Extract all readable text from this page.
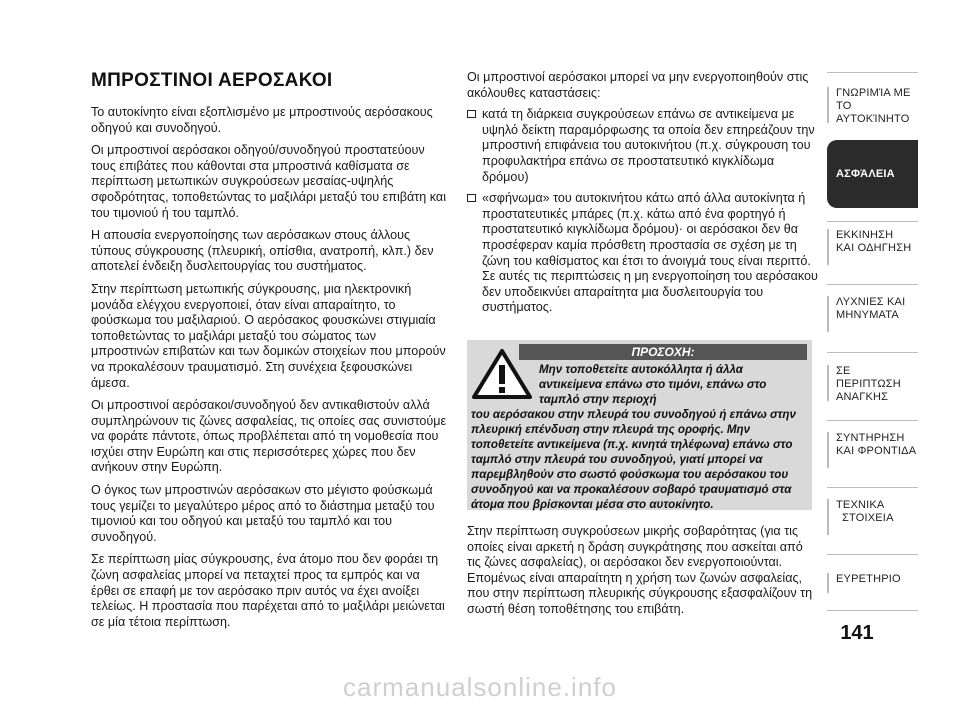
ΜΠΡΟΣΤΙΝΟΙ ΑΕΡΟΣΑΚΟΙ

Το αυτοκίνητο είναι εξοπλισμένο με μπροστινούς αερόσακους οδηγού και συνοδηγού.

Οι μπροστινοί αερόσακοι οδηγού/συνοδηγού προστατεύουν τους επιβάτες που κάθονται στα μπροστινά καθίσματα σε περίπτωση μετωπικών συγκρούσεων μεσαίας-υψηλής σφοδρότητας, τοποθετώντας το μαξιλάρι μεταξύ του επιβάτη και του τιμονιού ή του ταμπλό.

Η απουσία ενεργοποίησης των αερόσακων στους άλλους τύπους σύγκρουσης (πλευρική, οπίσθια, ανατροπή, κλπ.) δεν αποτελεί ένδειξη δυσλειτουργίας του συστήματος.

Στην περίπτωση μετωπικής σύγκρουσης, μια ηλεκτρονική μονάδα ελέγχου ενεργοποιεί, όταν είναι απαραίτητο, το φούσκωμα του μαξιλαριού. Ο αερόσακος φουσκώνει στιγμιαία τοποθετώντας το μαξιλάρι μεταξύ του σώματος των μπροστινών επιβατών και των δομικών στοιχείων που μπορούν να προκαλέσουν τραυματισμό. Στη συνέχεια ξεφουσκώνει άμεσα.

Οι μπροστινοί αερόσακοι/συνοδηγού δεν αντικαθιστούν αλλά συμπληρώνουν τις ζώνες ασφαλείας, τις οποίες σας συνιστούμε να φοράτε πάντοτε, όπως προβλέπεται από τη νομοθεσία που ισχύει στην Ευρώπη και στις περισσότερες χώρες που δεν ανήκουν στην Ευρώπη.

Ο όγκος των μπροστινών αερόσακων στο μέγιστο φούσκωμά τους γεμίζει το μεγαλύτερο μέρος από το διάστημα μεταξύ του τιμονιού και του οδηγού και μεταξύ του ταμπλό και του συνοδηγού.

Σε περίπτωση μίας σύγκρουσης, ένα άτομο που δεν φοράει τη ζώνη ασφαλείας μπορεί να πεταχτεί προς τα εμπρός και να έρθει σε επαφή με τον αερόσακο πριν αυτός να έχει ανοίξει τελείως. Η προστασία που παρέχεται από το μαξιλάρι μειώνεται σε μία τέτοια περίπτωση.

Οι μπροστινοί αερόσακοι μπορεί να μην ενεργοποιηθούν στις ακόλουθες καταστάσεις:

κατά τη διάρκεια συγκρούσεων επάνω σε αντικείμενα με υψηλό δείκτη παραμόρφωσης τα οποία δεν επηρεάζουν την μπροστινή επιφάνεια του αυτοκινήτου (π.χ. σύγκρουση του προφυλακτήρα επάνω σε προστατευτικό κιγκλίδωμα δρόμου)
«σφήνωμα» του αυτοκινήτου κάτω από άλλα αυτοκίνητα ή προστατευτικές μπάρες (π.χ. κάτω από ένα φορτηγό ή προστατευτικό κιγκλίδωμα δρόμου)· οι αερόσακοι δεν θα προσέφεραν καμία πρόσθετη προστασία σε σχέση με τη ζώνη του καθίσματος και έτσι το άνοιγμά τους είναι περιττό. Σε αυτές τις περιπτώσεις η μη ενεργοποίηση του αερόσακου δεν υποδεικνύει απαραίτητα μια δυσλειτουργία του συστήματος.
ΠΡΟΣΟΧΗ:
Μην τοποθετείτε αυτοκόλλητα ή άλλα αντικείμενα επάνω στο τιμόνι, επάνω στο ταμπλό στην περιοχή
του αερόσακου στην πλευρά του συνοδηγού ή επάνω στην πλευρική επένδυση στην πλευρά της οροφής. Μην τοποθετείτε αντικείμενα (π.χ. κινητά τηλέφωνα) επάνω στο ταμπλό στην πλευρά του συνοδηγού, γιατί μπορεί να παρεμβληθούν στο σωστό φούσκωμα του αερόσακου του συνοδηγού και να προκαλέσουν σοβαρό τραυματισμό στα άτομα που βρίσκονται μέσα στο αυτοκίνητο.

Στην περίπτωση συγκρούσεων μικρής σοβαρότητας (για τις οποίες είναι αρκετή η δράση συγκράτησης που ασκείται από τις ζώνες ασφαλείας), οι αερόσακοι δεν ενεργοποιούνται. Επομένως είναι απαραίτητη η χρήση των ζωνών ασφαλείας, που στην περίπτωση πλευρικής σύγκρουσης εξασφαλίζουν τη σωστή θέση τοποθέτησης του επιβάτη.

ΓΝΩΡΙΜΊΑ ΜΕ
ΤΟ ΑΥΤΟΚΊΝΗΤΟ
ΑΣΦΆΛΕΙΑ
ΕΚΚΙΝΗΣΗ
ΚΑΙ ΟΔΗΓΗΣΗ
ΛΥΧΝΙΕΣ ΚΑΙ
ΜΗΝΥΜΑΤΑ
ΣΕ ΠΕΡΙΠΤΩΣΗ
ΑΝΑΓΚΗΣ
ΣΥΝΤΗΡΗΣΗ
ΚΑΙ ΦΡΟΝΤΙΔΑ
ΤΕΧΝΙΚΑ
ΣΤΟΙΧΕΙΑ
ΕΥΡΕΤΗΡΙΟ
141
carmanualsonline.info
